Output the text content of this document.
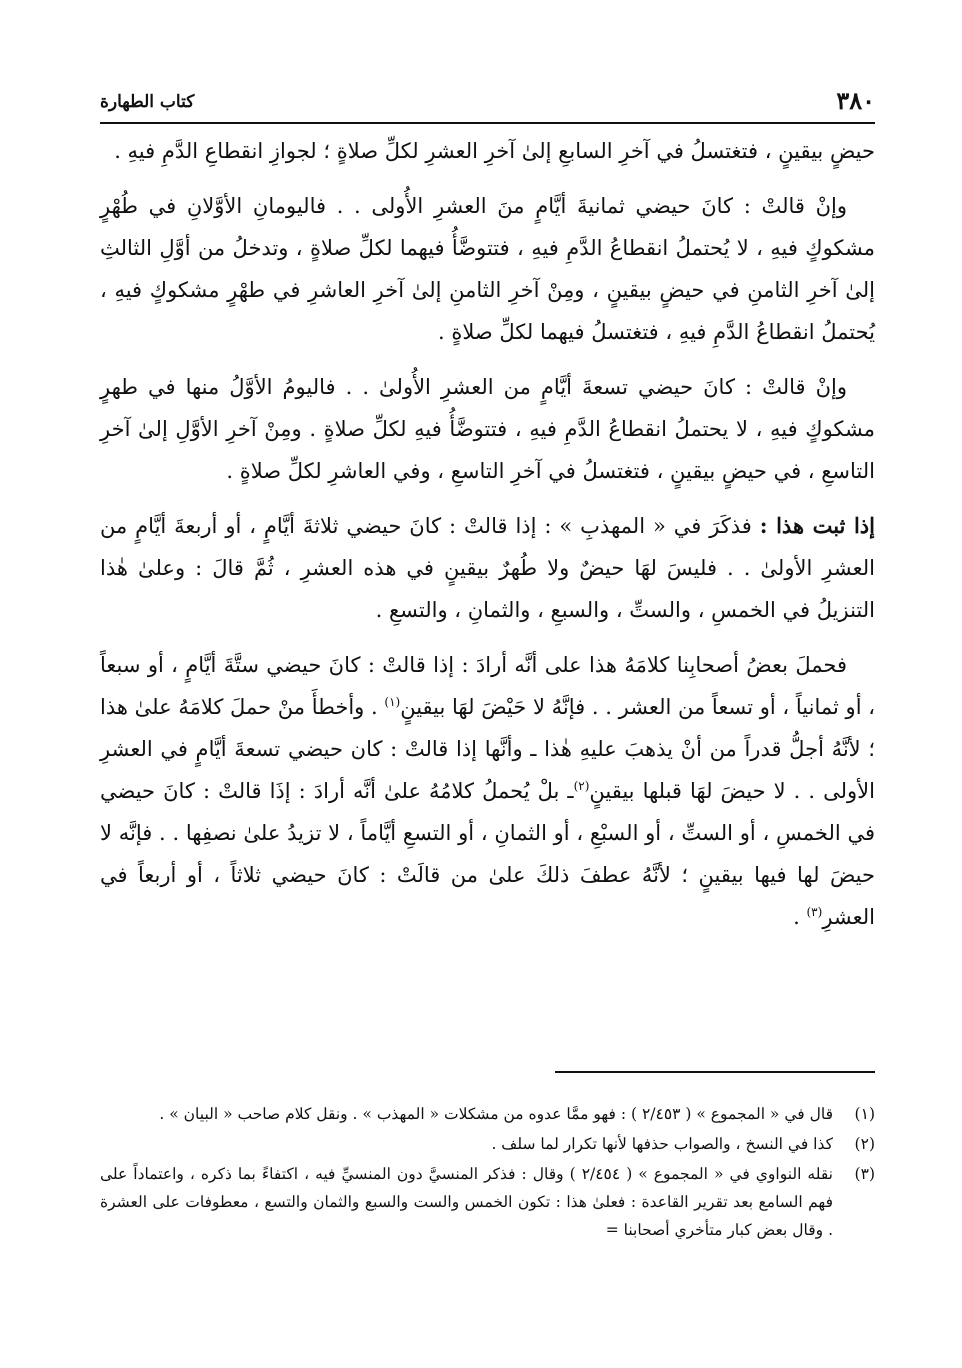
٣٨٠
كتاب الطهارة

حيضٍ بيقينٍ ، فتغتسلُ في آخرِ السابعِ إلىٰ آخرِ العشرِ لكلِّ صلاةٍ ؛ لجوازِ انقطاعِ الدَّمِ فيهِ .

وإنْ قالتْ : كانَ حيضي ثمانيةَ أيَّامٍ منَ العشرِ الأُولى . . فاليومانِ الأوَّلانِ في طُهْرٍ مشكوكٍ فيهِ ، لا يُحتملُ انقطاعُ الدَّمِ فيهِ ، فتتوضَّأُ فيهما لكلِّ صلاةٍ ، وتدخلُ من أوَّلِ الثالثِ إلىٰ آخرِ الثامنِ في حيضٍ بيقينٍ ، ومِنْ آخرِ الثامنِ إلىٰ آخرِ العاشرِ في طهْرٍ مشكوكٍ فيهِ ، يُحتملُ انقطاعُ الدَّمِ فيهِ ، فتغتسلُ فيهما لكلِّ صلاةٍ .

وإنْ قالتْ : كانَ حيضي تسعةَ أيَّامٍ من العشرِ الأُولىٰ . . فاليومُ الأوَّلُ منها في طهرٍ مشكوكٍ فيهِ ، لا يحتملُ انقطاعُ الدَّمِ فيهِ ، فتتوضَّأُ فيهِ لكلِّ صلاةٍ . ومِنْ آخرِ الأوَّلِ إلىٰ آخرِ التاسعِ ، في حيضٍ بيقينٍ ، فتغتسلُ في آخرِ التاسعِ ، وفي العاشرِ لكلِّ صلاةٍ .

إذا ثبت هذا : فذكَرَ في « المهذبِ » : إذا قالتْ : كانَ حيضي ثلاثةَ أيَّامٍ ، أو أربعةَ أيَّامٍ من العشرِ الأولىٰ . . فليسَ لهَا حيضٌ ولا طُهرٌ بيقينٍ في هذه العشرِ ، ثُمَّ قالَ : وعلىٰ هٰذا التنزيلُ في الخمسِ ، والستِّ ، والسبعِ ، والثمانِ ، والتسعِ .

فحملَ بعضُ أصحابِنا كلامَهُ هذا على أنَّه أرادَ : إذا قالتْ : كانَ حيضي ستَّةَ أيَّامٍ ، أو سبعاً ، أو ثمانياً ، أو تسعاً من العشر . . فإنَّهُ لا حَيْضَ لهَا بيقينٍ$^{(١)}$ . وأخطأَ منْ حملَ كلامَهُ علىٰ هذا ؛ لأنَّهُ أجلُّ قدراً من أنْ يذهبَ عليهِ هٰذا ـ وأنَّها إذا قالتْ : كان حيضي تسعةَ أيَّامٍ في العشرِ الأولى . . لا حيضَ لهَا قبلها بيقينٍ$^{(٢)}$ـ بلْ يُحملُ كلامُهُ علىٰ أنَّه أرادَ : إذَا قالتْ : كانَ حيضي في الخمسِ ، أو الستِّ ، أو السبْعِ ، أو الثمانِ ، أو التسعِ أيَّاماً ، لا تزيدُ علىٰ نصفِها . . فإنَّه لا حيضَ لها فيها بيقينٍ ؛ لأنَّهُ عطفَ ذلكَ علىٰ من قالَتْ : كانَ حيضي ثلاثاً ، أو أربعاً في العشرِ$^{(٣)}$ .

(١)
قال في « المجموع » ( ٢/٤٥٣ ) : فهو ممَّا عدوه من مشكلات « المهذب » . ونقل كلام صاحب « البيان » .
(٢)
كذا في النسخ ، والصواب حذفها لأنها تكرار لما سلف .
(٣)
نقله النواوي في « المجموع » ( ٢/٤٥٤ ) وقال : فذكر المنسيَّ دون المنسيِّ فيه ، اكتفاءً بما ذكره ، واعتماداً على فهم السامع بعد تقرير القاعدة : فعلىٰ هذا : تكون الخمس والست والسبع والثمان والتسع ، معطوفات على العشرة . وقال بعض كبار متأخري أصحابنا =
